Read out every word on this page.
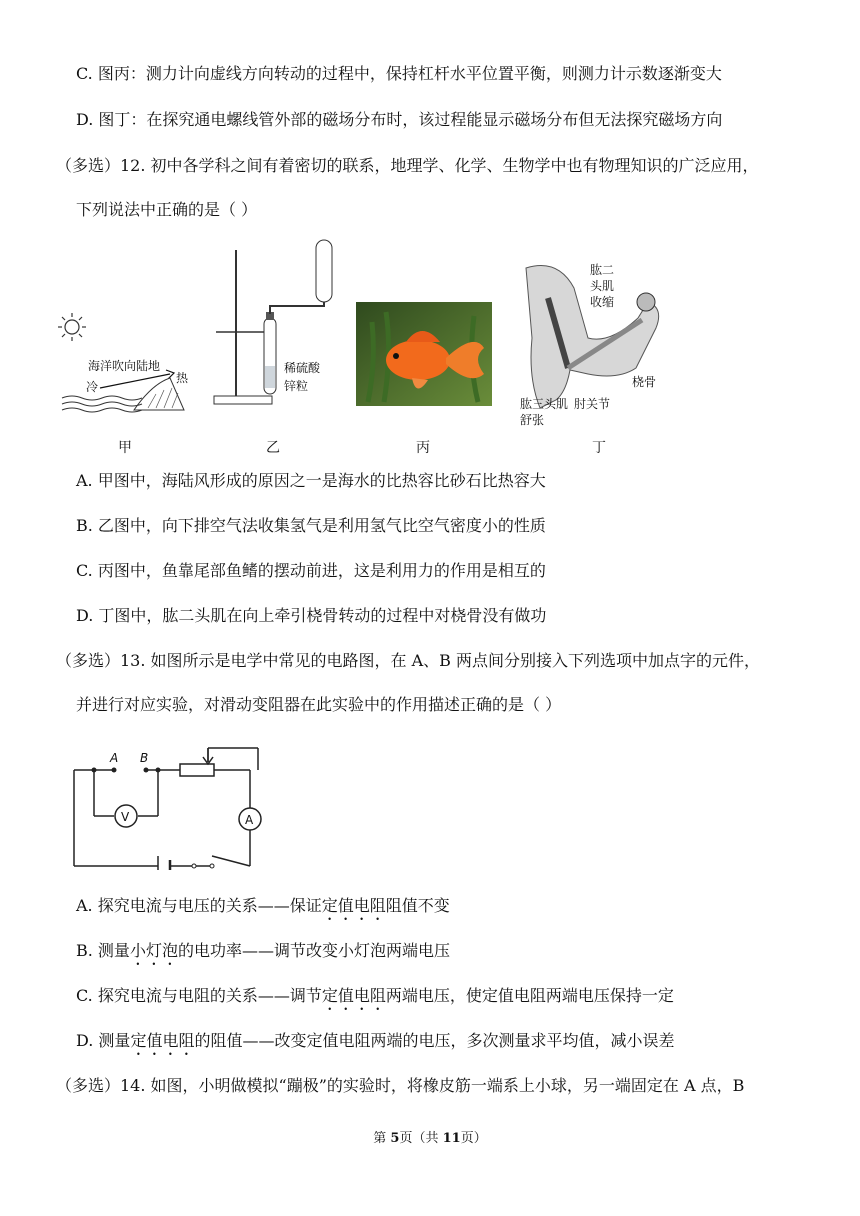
C. 图丙：测力计向虚线方向转动的过程中，保持杠杆水平位置平衡，则测力计示数逐渐变大
D. 图丁：在探究通电螺线管外部的磁场分布时，该过程能显示磁场分布但无法探究磁场方向
（多选）12. 初中各学科之间有着密切的联系，地理学、化学、生物学中也有物理知识的广泛应用，
下列说法中正确的是（ ）
海洋吹向陆地
冷
热
稀硫酸
锌粒
肱二
头肌
收缩
桡骨
肱三头肌
舒张
肘关节
甲	乙	丙	丁
A. 甲图中，海陆风形成的原因之一是海水的比热容比砂石比热容大
B. 乙图中，向下排空气法收集氢气是利用氢气比空气密度小的性质
C. 丙图中，鱼靠尾部鱼鳍的摆动前进，这是利用力的作用是相互的
D. 丁图中，肱二头肌在向上牵引桡骨转动的过程中对桡骨没有做功
（多选）13. 如图所示是电学中常见的电路图，在 A、B 两点间分别接入下列选项中加点字的元件，
并进行对应实验，对滑动变阻器在此实验中的作用描述正确的是（ ）
A B
V	A
A. 探究电流与电压的关系——保证定值电阻阻值不变
B. 测量小灯泡的电功率——调节改变小灯泡两端电压
C. 探究电流与电阻的关系——调节定值电阻两端电压，使定值电阻两端电压保持一定
D. 测量定值电阻的阻值——改变定值电阻两端的电压，多次测量求平均值，减小误差
（多选）14. 如图，小明做模拟“蹦极”的实验时，将橡皮筋一端系上小球，另一端固定在 A 点，B
第 5页（共 11页）
